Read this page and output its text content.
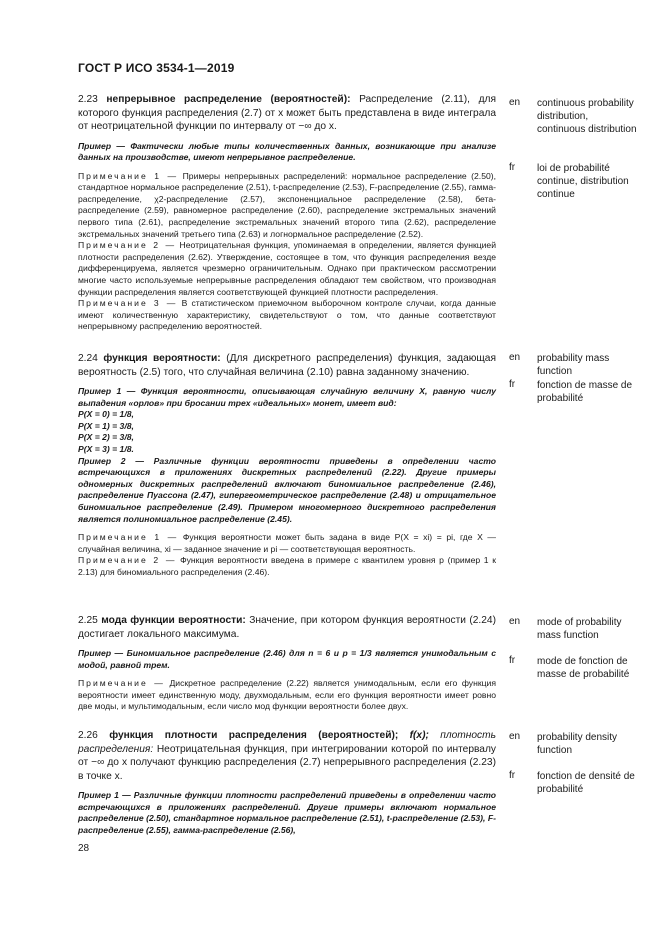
ГОСТ Р ИСО 3534-1—2019

2.23 непрерывное распределение (вероятностей): Распределение (2.11), для которого функция распределения (2.7) от x может быть представлена в виде интеграла от неотрицательной функции по интервалу от −∞ до x.

Пример — Фактически любые типы количественных данных, возникающие при анализе данных на производстве, имеют непрерывное распределение.

Примечание 1 — Примеры непрерывных распределений: нормальное распределение (2.50), стандартное нормальное распределение (2.51), t-распределение (2.53), F-распределение (2.55), гамма-распределение, χ2-распределение (2.57), экспоненциальное распределение (2.58), бета-распределение (2.59), равномерное распределение (2.60), распределение экстремальных значений первого типа (2.61), распределение экстремальных значений второго типа (2.62), распределение экстремальных значений третьего типа (2.63) и логнормальное распределение (2.52).

Примечание 2 — Неотрицательная функция, упоминаемая в определении, является функцией плотности распределения (2.62). Утверждение, состоящее в том, что функция распределения везде дифференцируема, является чрезмерно ограничительным. Однако при практическом рассмотрении многие часто используемые непрерывные распределения обладают тем свойством, что производная функции распределения является соответствующей функцией плотности распределения.

Примечание 3 — В статистическом приемочном выборочном контроле случаи, когда данные имеют количественную характеристику, свидетельствуют о том, что данные соответствуют непрерывному распределению вероятностей.

en continuous probability distribution, continuous distribution
fr loi de probabilité continue, distribution continue

2.24 функция вероятности: (Для дискретного распределения) функция, задающая вероятность (2.5) того, что случайная величина (2.10) равна заданному значению.

Пример 1 — Функция вероятности, описывающая случайную величину X, равную числу выпадения «орлов» при бросании трех «идеальных» монет, имеет вид:

P(X = 0) = 1/8,

P(X = 1) = 3/8,

P(X = 2) = 3/8,

P(X = 3) = 1/8.

Пример 2 — Различные функции вероятности приведены в определении часто встречающихся в приложениях дискретных распределений (2.22). Другие примеры одномерных дискретных распределений включают биномиальное распределение (2.46), распределение Пуассона (2.47), гипергеометрическое распределение (2.48) и отрицательное биномиальное распределение (2.49). Примером многомерного дискретного распределения является полиномиальное распределение (2.45).

Примечание 1 — Функция вероятности может быть задана в виде P(X = xi) = pi, где X — случайная величина, xi — заданное значение и pi — соответствующая вероятность.

Примечание 2 — Функция вероятности введена в примере с квантилем уровня p (пример 1 к 2.13) для биномиального распределения (2.46).

en probability mass function
fr fonction de masse de probabilité

2.25 мода функции вероятности: Значение, при котором функция вероятности (2.24) достигает локального максимума.

Пример — Биномиальное распределение (2.46) для n = 6 и p = 1/3 является унимодальным с модой, равной трем.

Примечание — Дискретное распределение (2.22) является унимодальным, если его функция вероятности имеет единственную моду, двухмодальным, если его функция вероятности имеет ровно две моды, и мультимодальным, если число мод функции вероятности более двух.

en mode of probability mass function
fr mode de fonction de masse de probabilité

2.26 функция плотности распределения (вероятностей); f(x); плотность распределения: Неотрицательная функция, при интегрировании которой по интервалу от −∞ до x получают функцию распределения (2.7) непрерывного распределения (2.23) в точке x.

Пример 1 — Различные функции плотности распределений приведены в определении часто встречающихся в приложениях распределений. Другие примеры включают нормальное распределение (2.50), стандартное нормальное распределение (2.51), t-распределение (2.53), F-распределение (2.55), гамма-распределение (2.56),

en probability density function
fr fonction de densité de probabilité
28
